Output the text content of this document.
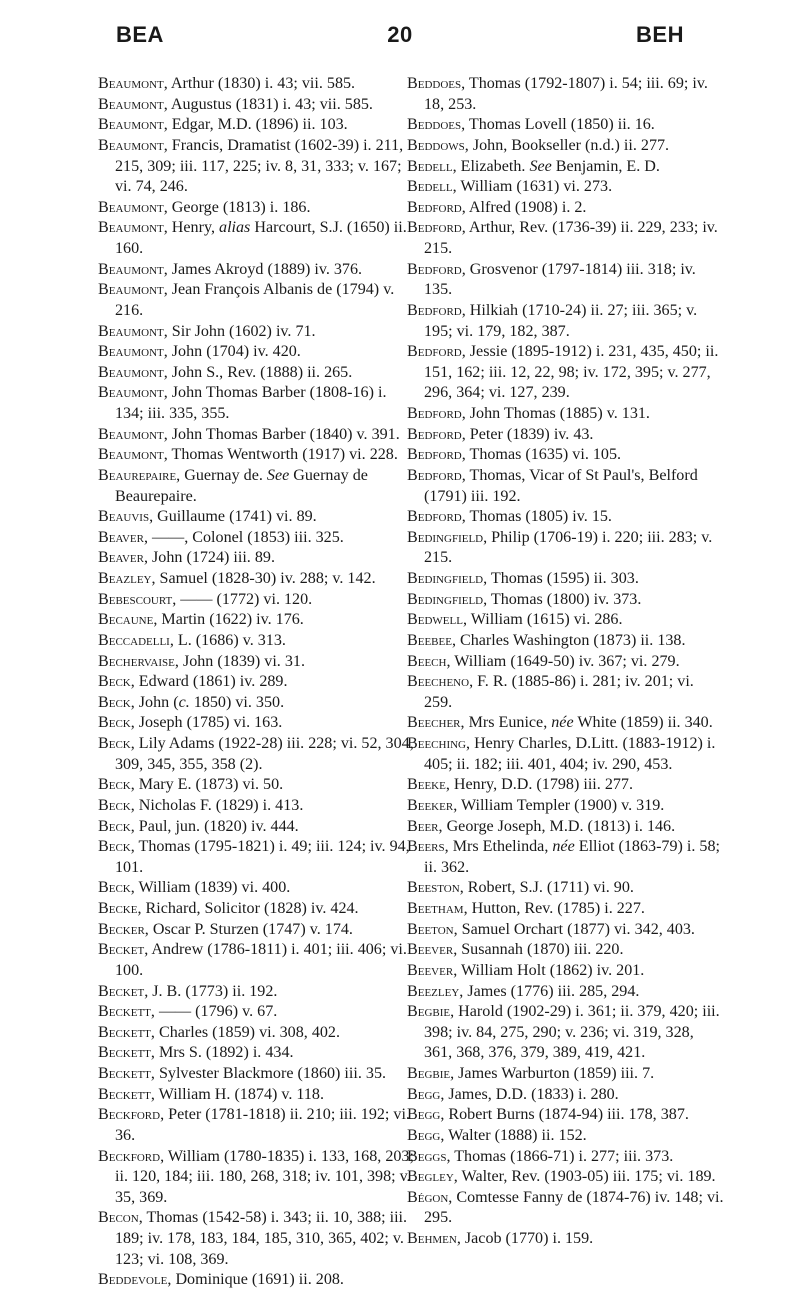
BEA	20	BEH

Beaumont, Arthur (1830) i. 43; vii. 585.

Beaumont, Augustus (1831) i. 43; vii. 585.

Beaumont, Edgar, M.D. (1896) ii. 103.

Beaumont, Francis, Dramatist (1602-39) i. 211, 215, 309; iii. 117, 225; iv. 8, 31, 333; v. 167; vi. 74, 246.

Beaumont, George (1813) i. 186.

Beaumont, Henry, alias Harcourt, S.J. (1650) ii. 160.

Beaumont, James Akroyd (1889) iv. 376.

Beaumont, Jean François Albanis de (1794) v. 216.

Beaumont, Sir John (1602) iv. 71.

Beaumont, John (1704) iv. 420.

Beaumont, John S., Rev. (1888) ii. 265.

Beaumont, John Thomas Barber (1808-16) i. 134; iii. 335, 355.

Beaumont, John Thomas Barber (1840) v. 391.

Beaumont, Thomas Wentworth (1917) vi. 228.

Beaurepaire, Guernay de. See Guernay de Beaurepaire.

Beauvis, Guillaume (1741) vi. 89.

Beaver, ——, Colonel (1853) iii. 325.

Beaver, John (1724) iii. 89.

Beazley, Samuel (1828-30) iv. 288; v. 142.

Bebescourt, —— (1772) vi. 120.

Becaune, Martin (1622) iv. 176.

Beccadelli, L. (1686) v. 313.

Bechervaise, John (1839) vi. 31.

Beck, Edward (1861) iv. 289.

Beck, John (c. 1850) vi. 350.

Beck, Joseph (1785) vi. 163.

Beck, Lily Adams (1922-28) iii. 228; vi. 52, 304, 309, 345, 355, 358 (2).

Beck, Mary E. (1873) vi. 50.

Beck, Nicholas F. (1829) i. 413.

Beck, Paul, jun. (1820) iv. 444.

Beck, Thomas (1795-1821) i. 49; iii. 124; iv. 94, 101.

Beck, William (1839) vi. 400.

Becke, Richard, Solicitor (1828) iv. 424.

Becker, Oscar P. Sturzen (1747) v. 174.

Becket, Andrew (1786-1811) i. 401; iii. 406; vi. 100.

Becket, J. B. (1773) ii. 192.

Beckett, —— (1796) v. 67.

Beckett, Charles (1859) vi. 308, 402.

Beckett, Mrs S. (1892) i. 434.

Beckett, Sylvester Blackmore (1860) iii. 35.

Beckett, William H. (1874) v. 118.

Beckford, Peter (1781-1818) ii. 210; iii. 192; vi. 36.

Beckford, William (1780-1835) i. 133, 168, 203; ii. 120, 184; iii. 180, 268, 318; iv. 101, 398; v. 35, 369.

Becon, Thomas (1542-58) i. 343; ii. 10, 388; iii. 189; iv. 178, 183, 184, 185, 310, 365, 402; v. 123; vi. 108, 369.

Beddevole, Dominique (1691) ii. 208.

Beddoes, Thomas (1792-1807) i. 54; iii. 69; iv. 18, 253.

Beddoes, Thomas Lovell (1850) ii. 16.

Beddows, John, Bookseller (n.d.) ii. 277.

Bedell, Elizabeth. See Benjamin, E. D.

Bedell, William (1631) vi. 273.

Bedford, Alfred (1908) i. 2.

Bedford, Arthur, Rev. (1736-39) ii. 229, 233; iv. 215.

Bedford, Grosvenor (1797-1814) iii. 318; iv. 135.

Bedford, Hilkiah (1710-24) ii. 27; iii. 365; v. 195; vi. 179, 182, 387.

Bedford, Jessie (1895-1912) i. 231, 435, 450; ii. 151, 162; iii. 12, 22, 98; iv. 172, 395; v. 277, 296, 364; vi. 127, 239.

Bedford, John Thomas (1885) v. 131.

Bedford, Peter (1839) iv. 43.

Bedford, Thomas (1635) vi. 105.

Bedford, Thomas, Vicar of St Paul's, Belford (1791) iii. 192.

Bedford, Thomas (1805) iv. 15.

Bedingfield, Philip (1706-19) i. 220; iii. 283; v. 215.

Bedingfield, Thomas (1595) ii. 303.

Bedingfield, Thomas (1800) iv. 373.

Bedwell, William (1615) vi. 286.

Beebee, Charles Washington (1873) ii. 138.

Beech, William (1649-50) iv. 367; vi. 279.

Beecheno, F. R. (1885-86) i. 281; iv. 201; vi. 259.

Beecher, Mrs Eunice, née White (1859) ii. 340.

Beeching, Henry Charles, D.Litt. (1883-1912) i. 405; ii. 182; iii. 401, 404; iv. 290, 453.

Beeke, Henry, D.D. (1798) iii. 277.

Beeker, William Templer (1900) v. 319.

Beer, George Joseph, M.D. (1813) i. 146.

Beers, Mrs Ethelinda, née Elliot (1863-79) i. 58; ii. 362.

Beeston, Robert, S.J. (1711) vi. 90.

Beetham, Hutton, Rev. (1785) i. 227.

Beeton, Samuel Orchart (1877) vi. 342, 403.

Beever, Susannah (1870) iii. 220.

Beever, William Holt (1862) iv. 201.

Beezley, James (1776) iii. 285, 294.

Begbie, Harold (1902-29) i. 361; ii. 379, 420; iii. 398; iv. 84, 275, 290; v. 236; vi. 319, 328, 361, 368, 376, 379, 389, 419, 421.

Begbie, James Warburton (1859) iii. 7.

Begg, James, D.D. (1833) i. 280.

Begg, Robert Burns (1874-94) iii. 178, 387.

Begg, Walter (1888) ii. 152.

Beggs, Thomas (1866-71) i. 277; iii. 373.

Begley, Walter, Rev. (1903-05) iii. 175; vi. 189.

Bégon, Comtesse Fanny de (1874-76) iv. 148; vi. 295.

Behmen, Jacob (1770) i. 159.
